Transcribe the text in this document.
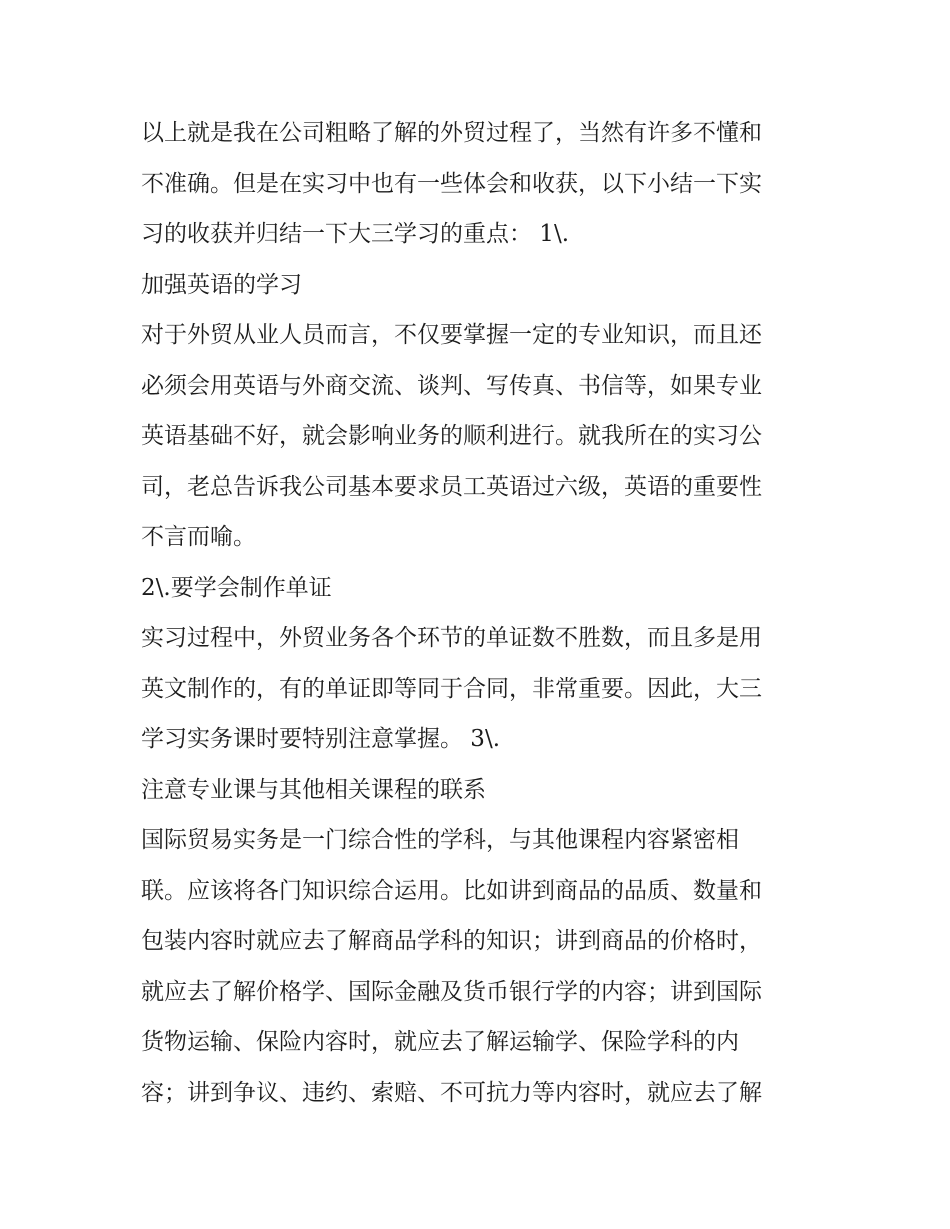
以上就是我在公司粗略了解的外贸过程了，当然有许多不懂和
不准确。但是在实习中也有一些体会和收获，以下小结一下实
习的收获并归结一下大三学习的重点： 1\.
加强英语的学习
对于外贸从业人员而言，不仅要掌握一定的专业知识，而且还
必须会用英语与外商交流、谈判、写传真、书信等，如果专业
英语基础不好，就会影响业务的顺利进行。就我所在的实习公
司，老总告诉我公司基本要求员工英语过六级，英语的重要性
不言而喻。
2\.要学会制作单证
实习过程中，外贸业务各个环节的单证数不胜数，而且多是用
英文制作的，有的单证即等同于合同，非常重要。因此，大三
学习实务课时要特别注意掌握。 3\.
注意专业课与其他相关课程的联系
国际贸易实务是一门综合性的学科，与其他课程内容紧密相
联。应该将各门知识综合运用。比如讲到商品的品质、数量和
包装内容时就应去了解商品学科的知识；讲到商品的价格时，
就应去了解价格学、国际金融及货币银行学的内容；讲到国际
货物运输、保险内容时，就应去了解运输学、保险学科的内
容；讲到争议、违约、索赔、不可抗力等内容时，就应去了解
